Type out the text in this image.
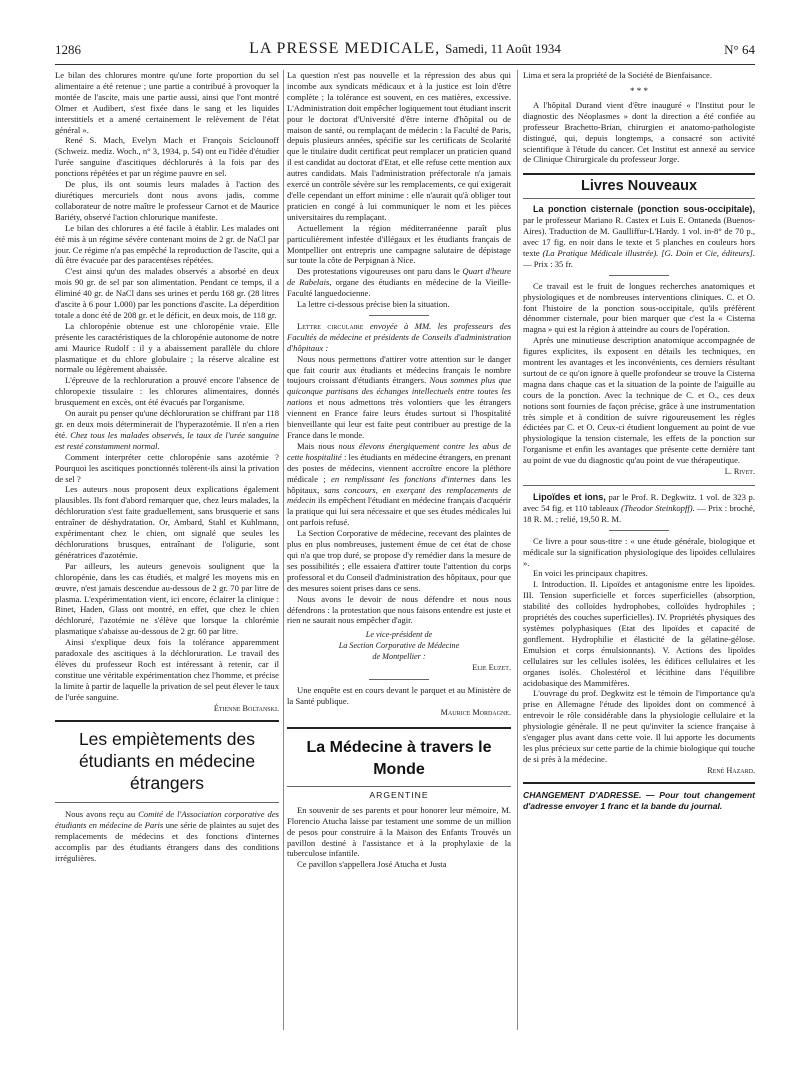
1286	LA PRESSE MEDICALE, Samedi, 11 Août 1934	N° 64

Le bilan des chlorures montre qu'une forte proportion du sel alimentaire a été retenue ; une partie a contribué à provoquer la montée de l'ascite, mais une partie aussi, ainsi que l'ont montré Olmer et Audibert, s'est fixée dans le sang et les liquides interstitiels et a amené certainement le relèvement de l'état général ».

René S. Mach, Evelyn Mach et François Sciclounoff (Schweiz. mediz. Woch., n° 3, 1934, p. 54) ont eu l'idée d'étudier l'urée sanguine d'ascitiques déchlorurés à la fois par des ponctions répétées et par un régime pauvre en sel.

De plus, ils ont soumis leurs malades à l'action des diurétiques mercuriels dont nous avons jadis, comme collaborateur de notre maître le professeur Carnot et de Maurice Bariéty, observé l'action chlorurique manifeste.

Le bilan des chlorures a été facile à établir. Les malades ont été mis à un régime sévère contenant moins de 2 gr. de NaCl par jour. Ce régime n'a pas empêché la reproduction de l'ascite, qui a dû être évacuée par des paracentèses répétées.

C'est ainsi qu'un des malades observés a absorbé en deux mois 90 gr. de sel par son alimentation. Pendant ce temps, il a éliminé 40 gr. de NaCl dans ses urines et perdu 168 gr. (28 litres d'ascite à 6 pour 1.000) par les ponctions d'ascite. La déperdition totale a donc été de 208 gr. et le déficit, en deux mois, de 118 gr.

La chloropénie obtenue est une chloropénie vraie. Elle présente les caractéristiques de la chloropénie autonome de notre ami Maurice Rudolf : il y a abaissement parallèle du chlore plasmatique et du chlore globulaire ; la réserve alcaline est normale ou légèrement abaissée.

L'épreuve de la rechloruration a prouvé encore l'absence de chloropexie tissulaire : les chlorures alimentaires, donnés brusquement en excès, ont été évacués par l'organisme.

On aurait pu penser qu'une déchloruration se chiffrant par 118 gr. en deux mois déterminerait de l'hyperazotémie. Il n'en a rien été. Chez tous les malades observés, le taux de l'urée sanguine est resté constamment normal.

Comment interpréter cette chloropénie sans azotémie ? Pourquoi les ascitiques ponctionnés tolèrent-ils ainsi la privation de sel ?

Les auteurs nous proposent deux explications également plausibles. Ils font d'abord remarquer que, chez leurs malades, la déchloruration s'est faite graduellement, sans brusquerie et sans entraîner de déshydratation. Or, Ambard, Stahl et Kuhlmann, expérimentant chez le chien, ont signalé que seules les déchlorurations brusques, entraînant de l'oligurie, sont génératrices d'azotémie.

Par ailleurs, les auteurs genevois soulignent que la chloropénie, dans les cas étudiés, et malgré les moyens mis en œuvre, n'est jamais descendue au-dessous de 2 gr. 70 par litre de plasma. L'expérimentation vient, ici encore, éclairer la clinique : Binet, Haden, Glass ont montré, en effet, que chez le chien déchloruré, l'azotémie ne s'élève que lorsque la chlorémie plasmatique s'abaisse au-dessous de 2 gr. 60 par litre.

Ainsi s'explique deux fois la tolérance apparemment paradoxale des ascitiques à la déchloruration. Le travail des élèves du professeur Roch est intéressant à retenir, car il constitue une véritable expérimentation chez l'homme, et précise la limite à partir de laquelle la privation de sel peut élever le taux de l'urée sanguine.

Étienne Boltanski.
Les empiètements des étudiants en médecine étrangers

Nous avons reçu au Comité de l'Association corporative des étudiants en médecine de Paris une série de plaintes au sujet des remplacements de médecins et des fonctions d'internes accomplis par des étudiants étrangers dans des conditions irrégulières.

La question n'est pas nouvelle et la répression des abus qui incombe aux syndicats médicaux et à la justice est loin d'être complète ; la tolérance est souvent, en ces matières, excessive. L'Administration doit empêcher logiquement tout étudiant inscrit pour le doctorat d'Université d'être interne d'hôpital ou de maison de santé, ou remplaçant de médecin : la Faculté de Paris, depuis plusieurs années, spécifie sur les certificats de Scolarité que le titulaire dudit certificat peut remplacer un praticien quand il est candidat au doctorat d'Etat, et elle refuse cette mention aux autres candidats. Mais l'administration préfectorale n'a jamais exercé un contrôle sévère sur les remplacements, ce qui exigerait d'elle cependant un effort minime : elle n'aurait qu'à obliger tout praticien en congé à lui communiquer le nom et les pièces universitaires du remplaçant.

Actuellement la région méditerranéenne paraît plus particulièrement infestée d'illégaux et les étudiants français de Montpellier ont entrepris une campagne salutaire de dépistage sur toute la côte de Perpignan à Nice.

Des protestations vigoureuses ont paru dans le Quart d'heure de Rabelais, organe des étudiants en médecine de la Vieille-Faculté languedocienne.

La lettre ci-dessous précise bien la situation.

Lettre circulaire envoyée à MM. les professeurs des Facultés de médecine et présidents de Conseils d'administration d'hôpitaux :

Nous nous permettons d'attirer votre attention sur le danger que fait courir aux étudiants et médecins français le nombre toujours croissant d'étudiants étrangers. Nous sommes plus que quiconque partisans des échanges intellectuels entre toutes les nations et nous admettons très volontiers que les étrangers viennent en France faire leurs études surtout si l'hospitalité bienveillante qui leur est faite peut contribuer au prestige de la France dans le monde.

Mais nous nous élevons énergiquement contre les abus de cette hospitalité : les étudiants en médecine étrangers, en prenant des postes de médecins, viennent accroître encore la pléthore médicale ; en remplissant les fonctions d'internes dans les hôpitaux, sans concours, en exerçant des remplacements de médecin ils empêchent l'étudiant en médecine français d'acquérir la pratique qui lui sera nécessaire et que ses études médicales lui ont parfois refusé.

La Section Corporative de médecine, recevant des plaintes de plus en plus nombreuses, justement émue de cet état de chose qui n'a que trop duré, se propose d'y remédier dans la mesure de ses possibilités ; elle essaiera d'attirer toute l'attention du corps professoral et du Conseil d'administration des hôpitaux, pour que des mesures soient prises dans ce sens.

Nous avons le devoir de nous défendre et nous nous défendrons : la protestation que nous faisons entendre est juste et rien ne saurait nous empêcher d'agir.

Le vice-président de
La Section Corporative de Médecine
de Montpellier :
Elie Euzet.

Une enquête est en cours devant le parquet et au Ministère de la Santé publique.

Maurice Mordagne.
La Médecine à travers le Monde
ARGENTINE

En souvenir de ses parents et pour honorer leur mémoire, M. Florencio Atucha laisse par testament une somme de un million de pesos pour construire à la Maison des Enfants Trouvés un pavillon destiné à l'assistance et à la prophylaxie de la tuberculose infantile.

Ce pavillon s'appellera José Atucha et Justa

Lima et sera la propriété de la Société de Bienfaisance.

* * *

A l'hôpital Durand vient d'être inauguré « l'Institut pour le diagnostic des Néoplasmes » dont la direction a été confiée au professeur Brachetto-Brian, chirurgien et anatomo-pathologiste distingué, qui, depuis longtemps, a consacré son activité scientifique à l'étude du cancer. Cet Institut est annexé au service de Clinique Chirurgicale du professeur Jorge.

Livres Nouveaux

La ponction cisternale (ponction sous-occipitale), par le professeur Mariano R. Castex et Luis E. Ontaneda (Buenos-Aires). Traduction de M. Gaulliffur-L'Hardy. 1 vol. in-8° de 70 p., avec 17 fig. en noir dans le texte et 5 planches en couleurs hors texte (La Pratique Médicale illustrée). [G. Doin et Cie, éditeurs]. — Prix : 35 fr.

Ce travail est le fruit de longues recherches anatomiques et physiologiques et de nombreuses interventions cliniques. C. et O. font l'histoire de la ponction sous-occipitale, qu'ils préfèrent dénommer cisternale, pour bien marquer que c'est la « Cisterna magna » qui est la région à atteindre au cours de l'opération.

Après une minutieuse description anatomique accompagnée de figures explicites, ils exposent en détails les techniques, en montrent les avantages et les inconvénients, ces derniers résultant surtout de ce qu'on ignore à quelle profondeur se trouve la Cisterna magna dans chaque cas et la situation de la pointe de l'aiguille au cours de la ponction. Avec la technique de C. et O., ces deux notions sont fournies de façon précise, grâce à une instrumentation très simple et à condition de suivre rigoureusement les règles édictées par C. et O. Ceux-ci étudient longuement au point de vue physiologique la tension cisternale, les effets de la ponction sur l'organisme et enfin les avantages que présente cette dernière tant au point de vue du diagnostic qu'au point de vue thérapeutique.

L. Rivet.

Lipoïdes et ions, par le Prof. R. Degkwitz. 1 vol. de 323 p. avec 54 fig. et 110 tableaux (Theodor Steinkopff). — Prix : broché, 18 R. M. ; relié, 19,50 R. M.

Ce livre a pour sous-titre : « une étude générale, biologique et médicale sur la signification physiologique des lipoïdes cellulaires ».

En voici les principaux chapitres.

I. Introduction. II. Lipoïdes et antagonisme entre les lipoïdes. III. Tension superficielle et forces superficielles (absorption, stabilité des colloïdes hydrophobes, colloïdes hydrophiles ; propriétés des couches superficielles). IV. Propriétés physiques des systèmes polyphasiques (Etat des lipoïdes et capacité de gonflement. Hydrophilie et élasticité de la gélatine-gélose. Emulsion et corps émulsionnants). V. Actions des lipoïdes cellulaires sur les cellules isolées, les édifices cellulaires et les organes isolés. Cholestérol et lécithine dans l'équilibre acidobasique des Mammifères.

L'ouvrage du prof. Degkwitz est le témoin de l'importance qu'a prise en Allemagne l'étude des lipoïdes dont on commencé à entrevoir le rôle considérable dans la physiologie cellulaire et la physiologie générale. Il ne peut qu'inviter la science française à s'engager plus avant dans cette voie. Il lui apporte les documents les plus précieux sur cette partie de la chimie biologique qui touche de si près à la médecine.

René Hazard.

CHANGEMENT D'ADRESSE. — Pour tout changement d'adresse envoyer 1 franc et la bande du journal.
